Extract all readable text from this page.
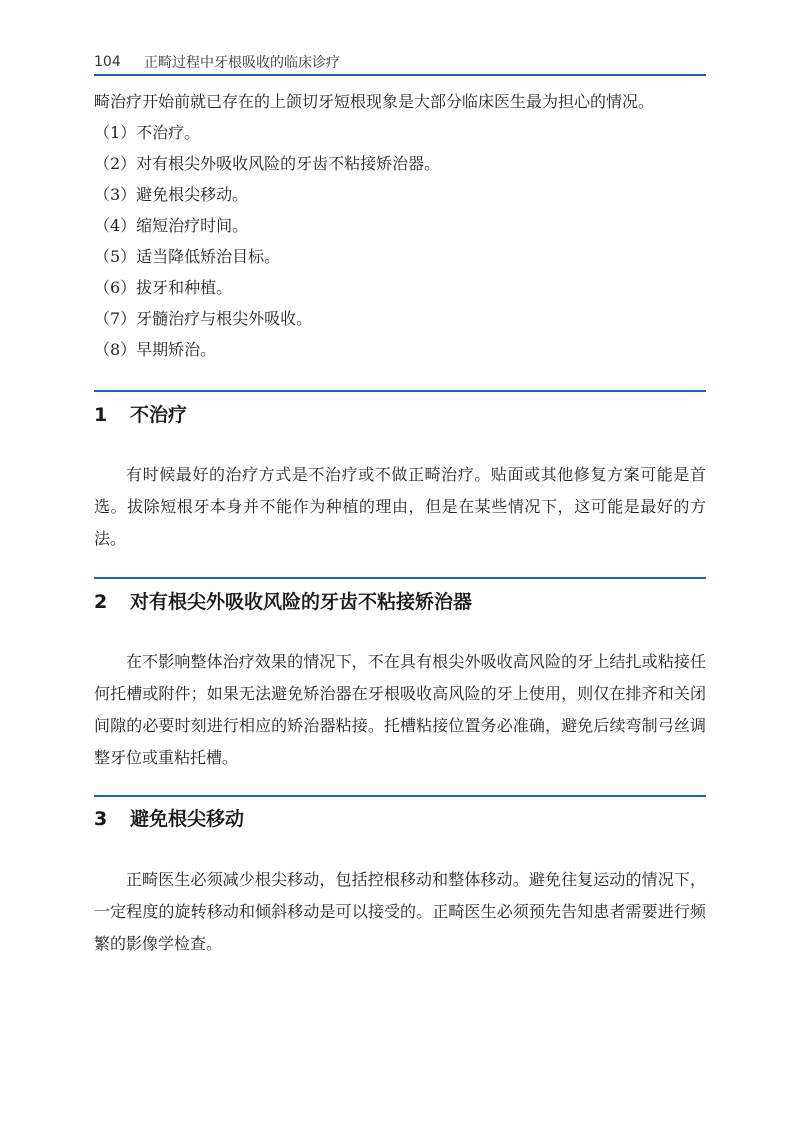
104	正畸过程中牙根吸收的临床诊疗
畸治疗开始前就已存在的上颌切牙短根现象是大部分临床医生最为担心的情况。
（1）不治疗。
（2）对有根尖外吸收风险的牙齿不粘接矫治器。
（3）避免根尖移动。
（4）缩短治疗时间。
（5）适当降低矫治目标。
（6）拔牙和种植。
（7）牙髓治疗与根尖外吸收。
（8）早期矫治。
1 不治疗
有时候最好的治疗方式是不治疗或不做正畸治疗。贴面或其他修复方案可能是首选。拔除短根牙本身并不能作为种植的理由，但是在某些情况下，这可能是最好的方法。
2 对有根尖外吸收风险的牙齿不粘接矫治器
在不影响整体治疗效果的情况下，不在具有根尖外吸收高风险的牙上结扎或粘接任何托槽或附件；如果无法避免矫治器在牙根吸收高风险的牙上使用，则仅在排齐和关闭间隙的必要时刻进行相应的矫治器粘接。托槽粘接位置务必准确，避免后续弯制弓丝调整牙位或重粘托槽。
3 避免根尖移动
正畸医生必须减少根尖移动，包括控根移动和整体移动。避免往复运动的情况下，一定程度的旋转移动和倾斜移动是可以接受的。正畸医生必须预先告知患者需要进行频繁的影像学检查。
